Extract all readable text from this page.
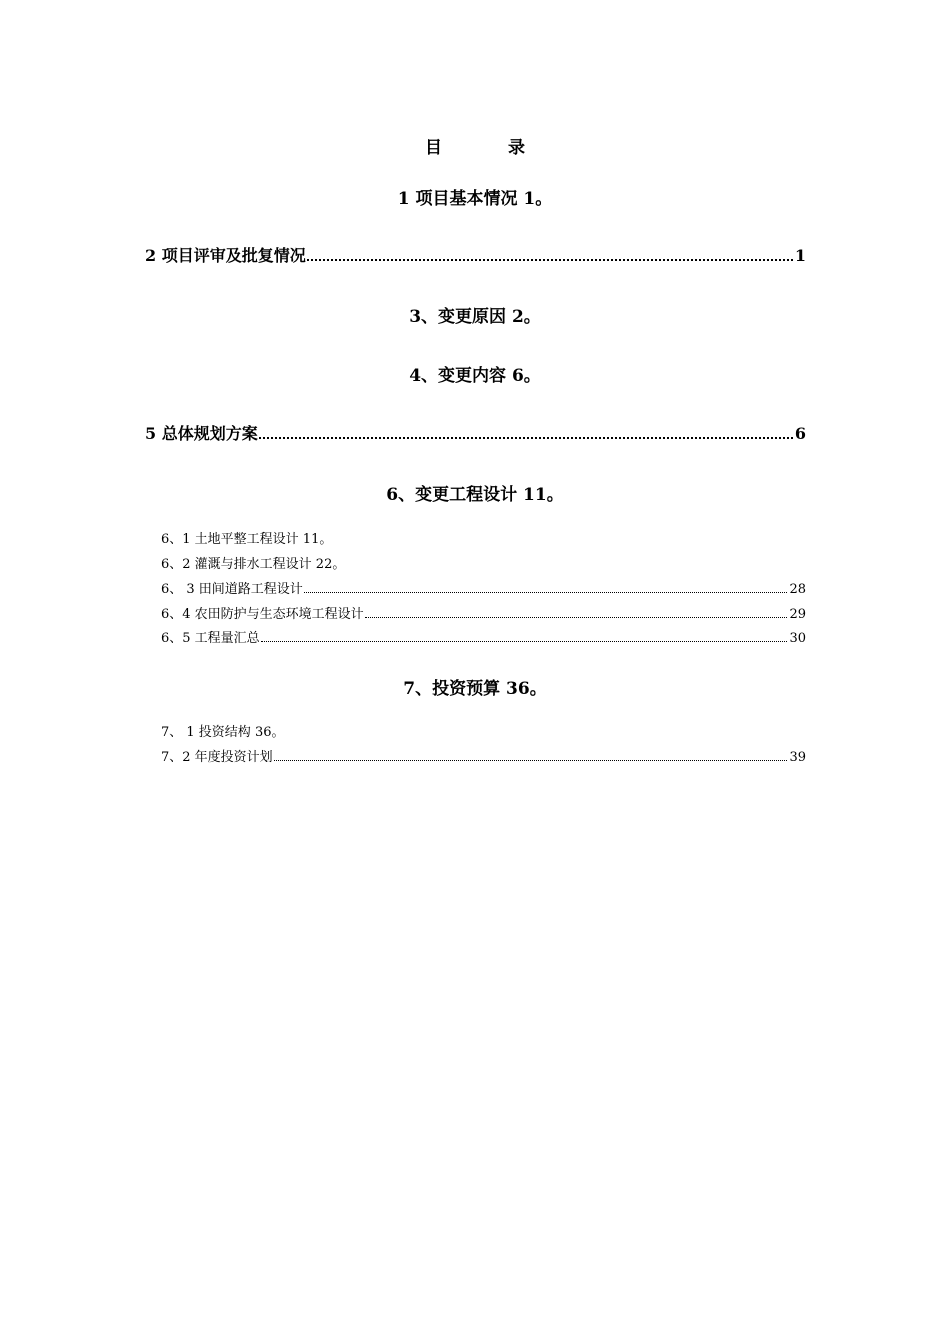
目 录
1 项目基本情况 1。
2 项目评审及批复情况	1
3、变更原因 2。
4、变更内容 6。
5 总体规划方案	6
6、变更工程设计 11。
6、1 土地平整工程设计 11。
6、2 灌溉与排水工程设计 22。
6、 3 田间道路工程设计	28
6、4 农田防护与生态环境工程设计	29
6、5 工程量汇总	30
7、投资预算 36。
7、 1 投资结构 36。
7、2 年度投资计划	39
